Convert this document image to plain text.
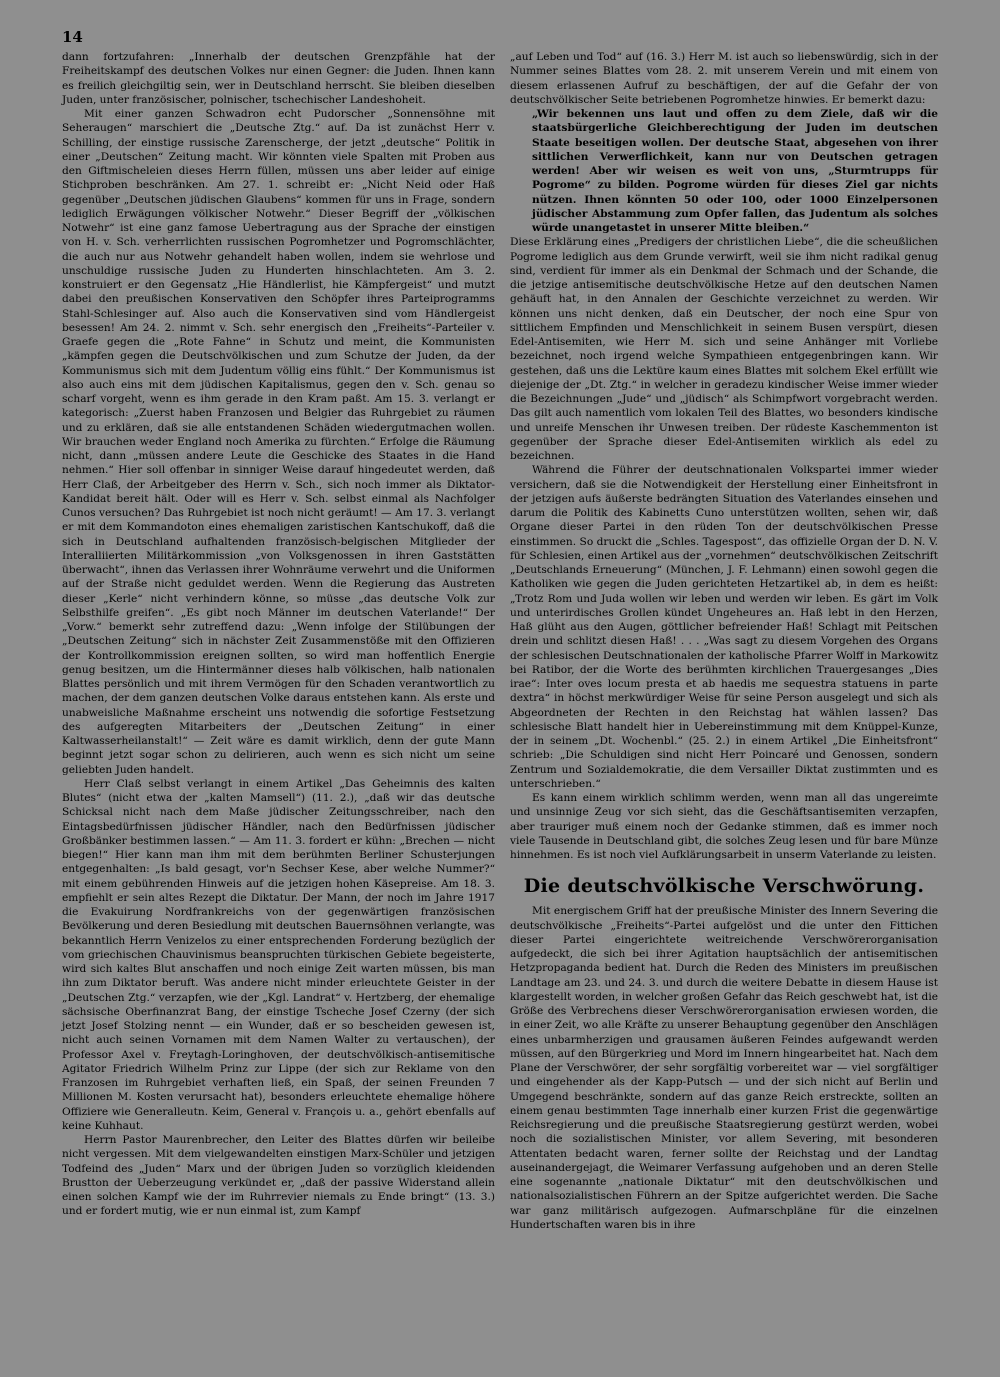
14

dann fortzufahren: „Innerhalb der deutschen Grenzpfähle hat der Freiheitskampf des deutschen Volkes nur einen Gegner: die Juden. Ihnen kann es freilich gleichgiltig sein, wer in Deutschland herrscht. Sie bleiben dieselben Juden, unter französischer, polnischer, tschechischer Landeshoheit.

Mit einer ganzen Schwadron echt Pudorscher „Sonnensöhne mit Seheraugen“ marschiert die „Deutsche Ztg.“ auf. Da ist zunächst Herr v. Schilling, der einstige russische Zarenscherge, der jetzt „deutsche“ Politik in einer „Deutschen“ Zeitung macht. Wir könnten viele Spalten mit Proben aus den Giftmischeleien dieses Herrn füllen, müssen uns aber leider auf einige Stichproben beschränken. Am 27. 1. schreibt er: „Nicht Neid oder Haß gegenüber „Deutschen jüdischen Glaubens“ kommen für uns in Frage, sondern lediglich Erwägungen völkischer Notwehr.“ Dieser Begriff der „völkischen Notwehr“ ist eine ganz famose Uebertragung aus der Sprache der einstigen von H. v. Sch. verherrlichten russischen Pogromhetzer und Pogromschlächter, die auch nur aus Notwehr gehandelt haben wollen, indem sie wehrlose und unschuldige russische Juden zu Hunderten hinschlachteten. Am 3. 2. konstruiert er den Gegensatz „Hie Händlerlist, hie Kämpfergeist“ und mutzt dabei den preußischen Konservativen den Schöpfer ihres Parteiprogramms Stahl-Schlesinger auf. Also auch die Konservativen sind vom Händlergeist besessen! Am 24. 2. nimmt v. Sch. sehr energisch den „Freiheits“-Parteiler v. Graefe gegen die „Rote Fahne“ in Schutz und meint, die Kommunisten „kämpfen gegen die Deutschvölkischen und zum Schutze der Juden, da der Kommunismus sich mit dem Judentum völlig eins fühlt.“ Der Kommunismus ist also auch eins mit dem jüdischen Kapitalismus, gegen den v. Sch. genau so scharf vorgeht, wenn es ihm gerade in den Kram paßt. Am 15. 3. verlangt er kategorisch: „Zuerst haben Franzosen und Belgier das Ruhrgebiet zu räumen und zu erklären, daß sie alle entstandenen Schäden wiedergutmachen wollen. Wir brauchen weder England noch Amerika zu fürchten.“ Erfolge die Räumung nicht, dann „müssen andere Leute die Geschicke des Staates in die Hand nehmen.“ Hier soll offenbar in sinniger Weise darauf hingedeutet werden, daß Herr Claß, der Arbeitgeber des Herrn v. Sch., sich noch immer als Diktator-Kandidat bereit hält. Oder will es Herr v. Sch. selbst einmal als Nachfolger Cunos versuchen? Das Ruhrgebiet ist noch nicht geräumt! — Am 17. 3. verlangt er mit dem Kommandoton eines ehemaligen zaristischen Kantschukoff, daß die sich in Deutschland aufhaltenden französisch-belgischen Mitglieder der Interalliierten Militärkommission „von Volksgenossen in ihren Gaststätten überwacht“, ihnen das Verlassen ihrer Wohnräume verwehrt und die Uniformen auf der Straße nicht geduldet werden. Wenn die Regierung das Austreten dieser „Kerle“ nicht verhindern könne, so müsse „das deutsche Volk zur Selbsthilfe greifen“. „Es gibt noch Männer im deutschen Vaterlande!“ Der „Vorw.“ bemerkt sehr zutreffend dazu: „Wenn infolge der Stilübungen der „Deutschen Zeitung“ sich in nächster Zeit Zusammenstöße mit den Offizieren der Kontrollkommission ereignen sollten, so wird man hoffentlich Energie genug besitzen, um die Hintermänner dieses halb völkischen, halb nationalen Blattes persönlich und mit ihrem Vermögen für den Schaden verantwortlich zu machen, der dem ganzen deutschen Volke daraus entstehen kann. Als erste und unabweisliche Maßnahme erscheint uns notwendig die sofortige Festsetzung des aufgeregten Mitarbeiters der „Deutschen Zeitung“ in einer Kaltwasserheilanstalt!“ — Zeit wäre es damit wirklich, denn der gute Mann beginnt jetzt sogar schon zu delirieren, auch wenn es sich nicht um seine geliebten Juden handelt.

Herr Claß selbst verlangt in einem Artikel „Das Geheimnis des kalten Blutes“ (nicht etwa der „kalten Mamsell“) (11. 2.), „daß wir das deutsche Schicksal nicht nach dem Maße jüdischer Zeitungsschreiber, nach den Eintagsbedürfnissen jüdischer Händler, nach den Bedürfnissen jüdischer Großbänker bestimmen lassen.“ — Am 11. 3. fordert er kühn: „Brechen — nicht biegen!“ Hier kann man ihm mit dem berühmten Berliner Schusterjungen entgegenhalten: „Is bald gesagt, vor'n Sechser Kese, aber welche Nummer?“ mit einem gebührenden Hinweis auf die jetzigen hohen Käsepreise. Am 18. 3. empfiehlt er sein altes Rezept die Diktatur. Der Mann, der noch im Jahre 1917 die Evakuirung Nordfrankreichs von der gegenwärtigen französischen Bevölkerung und deren Besiedlung mit deutschen Bauernsöhnen verlangte, was bekanntlich Herrn Venizelos zu einer entsprechenden Forderung bezüglich der vom griechischen Chauvinismus beanspruchten türkischen Gebiete begeisterte, wird sich kaltes Blut anschaffen und noch einige Zeit warten müssen, bis man ihn zum Diktator beruft. Was andere nicht minder erleuchtete Geister in der „Deutschen Ztg.“ verzapfen, wie der „Kgl. Landrat“ v. Hertzberg, der ehemalige sächsische Oberfinanzrat Bang, der einstige Tscheche Josef Czerny (der sich jetzt Josef Stolzing nennt — ein Wunder, daß er so bescheiden gewesen ist, nicht auch seinen Vornamen mit dem Namen Walter zu vertauschen), der Professor Axel v. Freytagh-Loringhoven, der deutschvölkisch-antisemitische Agitator Friedrich Wilhelm Prinz zur Lippe (der sich zur Reklame von den Franzosen im Ruhrgebiet verhaften ließ, ein Spaß, der seinen Freunden 7 Millionen M. Kosten verursacht hat), besonders erleuchtete ehemalige höhere Offiziere wie Generalleutn. Keim, General v. François u. a., gehört ebenfalls auf keine Kuhhaut.

Herrn Pastor Maurenbrecher, den Leiter des Blattes dürfen wir beileibe nicht vergessen. Mit dem vielgewandelten einstigen Marx-Schüler und jetzigen Todfeind des „Juden“ Marx und der übrigen Juden so vorzüglich kleidenden Brustton der Ueberzeugung verkündet er, „daß der passive Widerstand allein einen solchen Kampf wie der im Ruhrrevier niemals zu Ende bringt“ (13. 3.) und er fordert mutig, wie er nun einmal ist, zum Kampf

„auf Leben und Tod“ auf (16. 3.) Herr M. ist auch so liebenswürdig, sich in der Nummer seines Blattes vom 28. 2. mit unserem Verein und mit einem von diesem erlassenen Aufruf zu beschäftigen, der auf die Gefahr der von deutschvölkischer Seite betriebenen Pogromhetze hinwies. Er bemerkt dazu:

„Wir bekennen uns laut und offen zu dem Ziele, daß wir die staatsbürgerliche Gleichberechtigung der Juden im deutschen Staate beseitigen wollen. Der deutsche Staat, abgesehen von ihrer sittlichen Verwerflichkeit, kann nur von Deutschen getragen werden! Aber wir weisen es weit von uns, „Sturmtrupps für Pogrome“ zu bilden. Pogrome würden für dieses Ziel gar nichts nützen. Ihnen könnten 50 oder 100, oder 1000 Einzelpersonen jüdischer Abstammung zum Opfer fallen, das Judentum als solches würde unangetastet in unserer Mitte bleiben.“

Diese Erklärung eines „Predigers der christlichen Liebe“, die die scheußlichen Pogrome lediglich aus dem Grunde verwirft, weil sie ihm nicht radikal genug sind, verdient für immer als ein Denkmal der Schmach und der Schande, die die jetzige antisemitische deutschvölkische Hetze auf den deutschen Namen gehäuft hat, in den Annalen der Geschichte verzeichnet zu werden. Wir können uns nicht denken, daß ein Deutscher, der noch eine Spur von sittlichem Empfinden und Menschlichkeit in seinem Busen verspürt, diesen Edel-Antisemiten, wie Herr M. sich und seine Anhänger mit Vorliebe bezeichnet, noch irgend welche Sympathieen entgegenbringen kann. Wir gestehen, daß uns die Lektüre kaum eines Blattes mit solchem Ekel erfüllt wie diejenige der „Dt. Ztg.“ in welcher in geradezu kindischer Weise immer wieder die Bezeichnungen „Jude“ und „jüdisch“ als Schimpfwort vorgebracht werden. Das gilt auch namentlich vom lokalen Teil des Blattes, wo besonders kindische und unreife Menschen ihr Unwesen treiben. Der rüdeste Kaschemmenton ist gegenüber der Sprache dieser Edel-Antisemiten wirklich als edel zu bezeichnen.

Während die Führer der deutschnationalen Volkspartei immer wieder versichern, daß sie die Notwendigkeit der Herstellung einer Einheitsfront in der jetzigen aufs äußerste bedrängten Situation des Vaterlandes einsehen und darum die Politik des Kabinetts Cuno unterstützen wollten, sehen wir, daß Organe dieser Partei in den rüden Ton der deutschvölkischen Presse einstimmen. So druckt die „Schles. Tagespost“, das offizielle Organ der D. N. V. für Schlesien, einen Artikel aus der „vornehmen“ deutschvölkischen Zeitschrift „Deutschlands Erneuerung“ (München, J. F. Lehmann) einen sowohl gegen die Katholiken wie gegen die Juden gerichteten Hetzartikel ab, in dem es heißt: „Trotz Rom und Juda wollen wir leben und werden wir leben. Es gärt im Volk und unterirdisches Grollen kündet Ungeheures an. Haß lebt in den Herzen, Haß glüht aus den Augen, göttlicher befreiender Haß! Schlagt mit Peitschen drein und schlitzt diesen Haß! . . . „Was sagt zu diesem Vorgehen des Organs der schlesischen Deutschnationalen der katholische Pfarrer Wolff in Markowitz bei Ratibor, der die Worte des berühmten kirchlichen Trauergesanges „Dies irae“: Inter oves locum presta et ab haedis me sequestra statuens in parte dextra“ in höchst merkwürdiger Weise für seine Person ausgelegt und sich als Abgeordneten der Rechten in den Reichstag hat wählen lassen? Das schlesische Blatt handelt hier in Uebereinstimmung mit dem Knüppel-Kunze, der in seinem „Dt. Wochenbl.“ (25. 2.) in einem Artikel „Die Einheitsfront“ schrieb: „Die Schuldigen sind nicht Herr Poincaré und Genossen, sondern Zentrum und Sozialdemokratie, die dem Versailler Diktat zustimmten und es unterschrieben.“

Es kann einem wirklich schlimm werden, wenn man all das ungereimte und unsinnige Zeug vor sich sieht, das die Geschäftsantisemiten verzapfen, aber trauriger muß einem noch der Gedanke stimmen, daß es immer noch viele Tausende in Deutschland gibt, die solches Zeug lesen und für bare Münze hinnehmen. Es ist noch viel Aufklärungsarbeit in unserm Vaterlande zu leisten.

Die deutschvölkische Verschwörung.

Mit energischem Griff hat der preußische Minister des Innern Severing die deutschvölkische „Freiheits“-Partei aufgelöst und die unter den Fittichen dieser Partei eingerichtete weitreichende Verschwörerorganisation aufgedeckt, die sich bei ihrer Agitation hauptsächlich der antisemitischen Hetzpropaganda bedient hat. Durch die Reden des Ministers im preußischen Landtage am 23. und 24. 3. und durch die weitere Debatte in diesem Hause ist klargestellt worden, in welcher großen Gefahr das Reich geschwebt hat, ist die Größe des Verbrechens dieser Verschwörerorganisation erwiesen worden, die in einer Zeit, wo alle Kräfte zu unserer Behauptung gegenüber den Anschlägen eines unbarmherzigen und grausamen äußeren Feindes aufgewandt werden müssen, auf den Bürgerkrieg und Mord im Innern hingearbeitet hat. Nach dem Plane der Verschwörer, der sehr sorgfältig vorbereitet war — viel sorgfältiger und eingehender als der Kapp-Putsch — und der sich nicht auf Berlin und Umgegend beschränkte, sondern auf das ganze Reich erstreckte, sollten an einem genau bestimmten Tage innerhalb einer kurzen Frist die gegenwärtige Reichsregierung und die preußische Staatsregierung gestürzt werden, wobei noch die sozialistischen Minister, vor allem Severing, mit besonderen Attentaten bedacht waren, ferner sollte der Reichstag und der Landtag auseinandergejagt, die Weimarer Verfassung aufgehoben und an deren Stelle eine sogenannte „nationale Diktatur“ mit den deutschvölkischen und nationalsozialistischen Führern an der Spitze aufgerichtet werden. Die Sache war ganz militärisch aufgezogen. Aufmarschpläne für die einzelnen Hundertschaften waren bis in ihre
